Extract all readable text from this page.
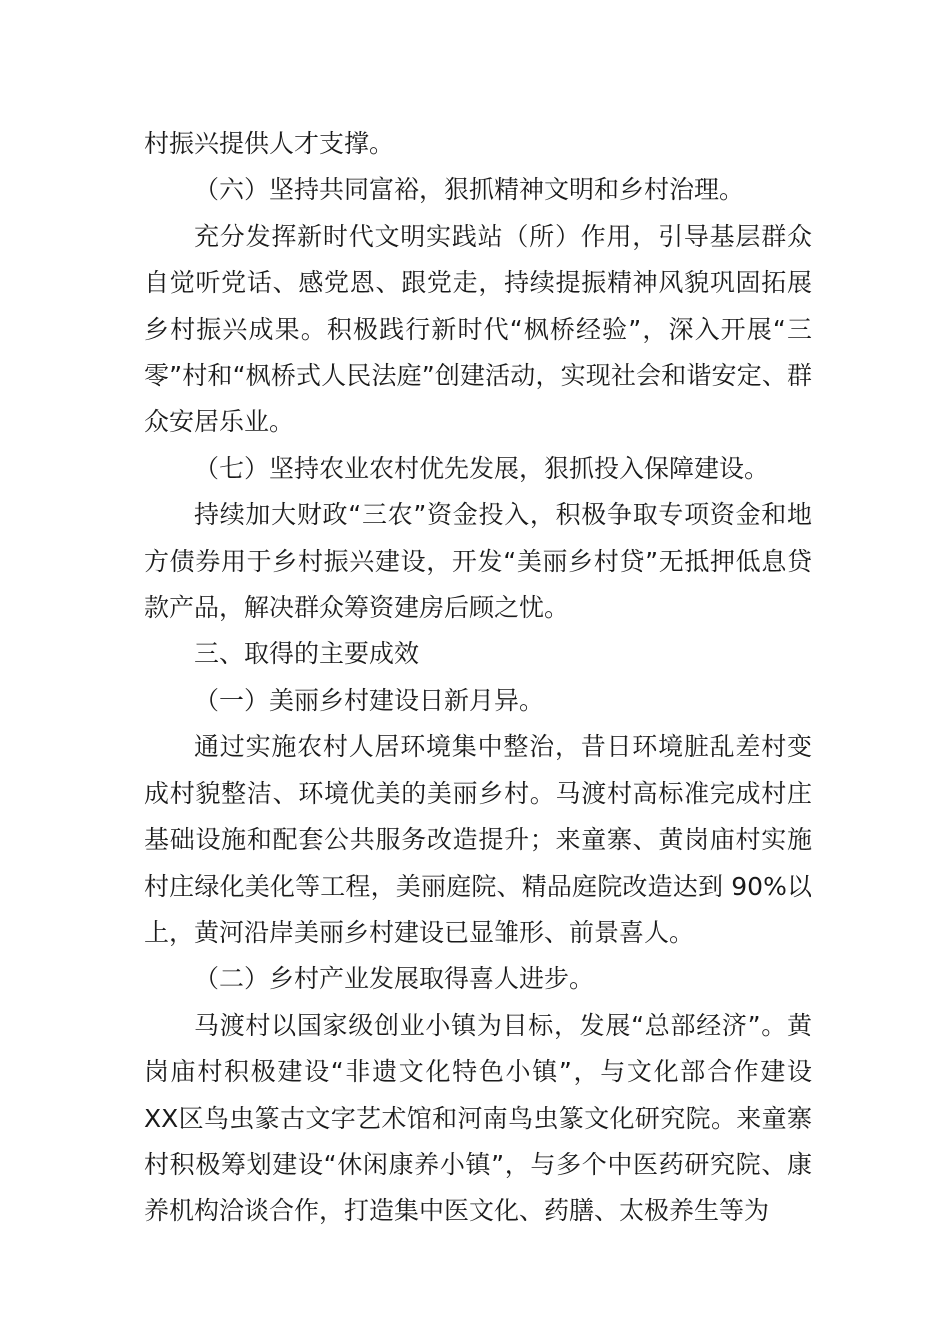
村振兴提供人才支撑。

（六）坚持共同富裕，狠抓精神文明和乡村治理。

充分发挥新时代文明实践站（所）作用，引导基层群众自觉听党话、感党恩、跟党走，持续提振精神风貌巩固拓展乡村振兴成果。积极践行新时代“枫桥经验”，深入开展“三零”村和“枫桥式人民法庭”创建活动，实现社会和谐安定、群众安居乐业。

（七）坚持农业农村优先发展，狠抓投入保障建设。

持续加大财政“三农”资金投入，积极争取专项资金和地方债券用于乡村振兴建设，开发“美丽乡村贷”无抵押低息贷款产品，解决群众筹资建房后顾之忧。

三、取得的主要成效

（一）美丽乡村建设日新月异。

通过实施农村人居环境集中整治，昔日环境脏乱差村变成村貌整洁、环境优美的美丽乡村。马渡村高标准完成村庄基础设施和配套公共服务改造提升；来童寨、黄岗庙村实施村庄绿化美化等工程，美丽庭院、精品庭院改造达到 90%以上，黄河沿岸美丽乡村建设已显雏形、前景喜人。

（二）乡村产业发展取得喜人进步。

马渡村以国家级创业小镇为目标，发展“总部经济”。黄岗庙村积极建设“非遗文化特色小镇”，与文化部合作建设 XX区鸟虫篆古文字艺术馆和河南鸟虫篆文化研究院。来童寨村积极筹划建设“休闲康养小镇”，与多个中医药研究院、康养机构洽谈合作，打造集中医文化、药膳、太极养生等为
